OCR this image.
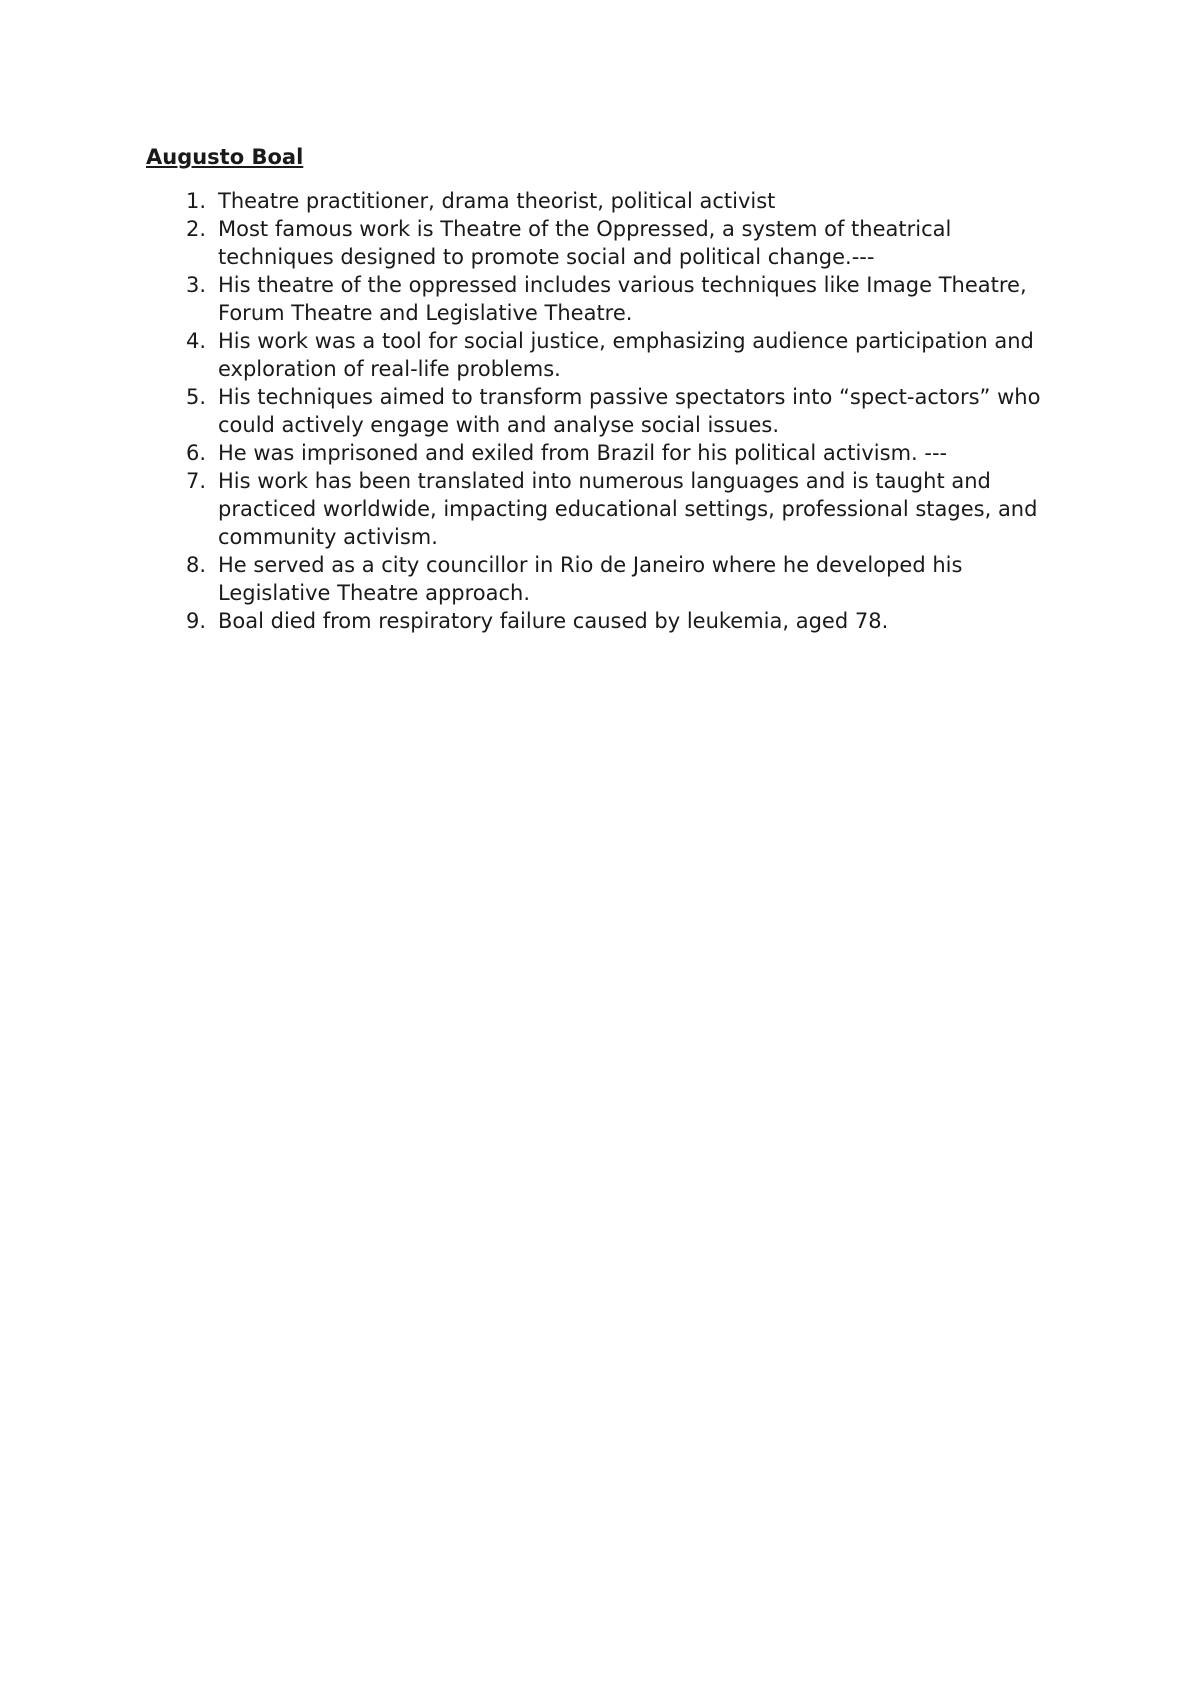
Augusto Boal
1. Theatre practitioner, drama theorist, political activist
2. Most famous work is Theatre of the Oppressed, a system of theatrical techniques designed to promote social and political change.---
3. His theatre of the oppressed includes various techniques like Image Theatre, Forum Theatre and Legislative Theatre.
4. His work was a tool for social justice, emphasizing audience participation and exploration of real-life problems.
5. His techniques aimed to transform passive spectators into “spect-actors” who could actively engage with and analyse social issues.
6. He was imprisoned and exiled from Brazil for his political activism. ---
7. His work has been translated into numerous languages and is taught and practiced worldwide, impacting educational settings, professional stages, and community activism.
8. He served as a city councillor in Rio de Janeiro where he developed his Legislative Theatre approach.
9. Boal died from respiratory failure caused by leukemia, aged 78.
